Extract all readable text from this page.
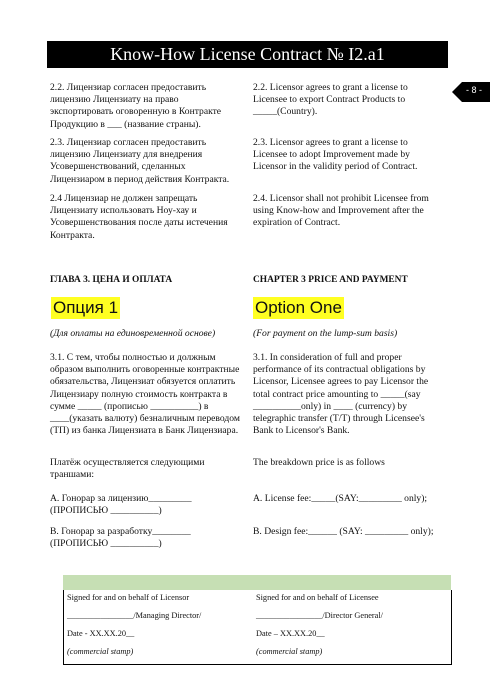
Know-How License Contract № I2.a1
- 8 -

2.2. Лицензиар согласен предоставить лицензию Лицензиату на право экспортировать оговоренную в Контракте Продукцию в ___ (название страны).

2.3. Лицензиар согласен предоставить лицензию Лицензиату для внедрения Усовершенствований, сделанных Лицензиаром в период действия Контракта.

2.4 Лицензиар не должен запрещать Лицензиату использовать Ноу-хау и Усовершенствования после даты истечения Контракта.

ГЛАВА 3. ЦЕНА И ОПЛАТА

Опция 1

(Для оплаты на единовременной основе)

3.1. С тем, чтобы полностью и должным образом выполнить оговоренные контрактные обязательства, Лицензиат обязуется оплатить Лицензиару полную стоимость контракта в сумме _____ (прописью __________) в ____(указать валюту) безналичным переводом (ТП) из банка Лицензиата в Банк Лицензиара.

Платёж осуществляется следующими траншами:

А. Гонорар за лицензию_________

(ПРОПИСЬЮ __________)

В. Гонорар за разработку________

(ПРОПИСЬЮ __________)

2.2. Licensor agrees to grant a license to Licensee to export Contract Products to _____(Country).

2.3. Licensor agrees to grant a license to Licensee to adopt Improvement made by Licensor in the validity period of Contract.

2.4. Licensor shall not prohibit Licensee from using Know-how and Improvement after the expiration of Contract.

CHAPTER 3 PRICE AND PAYMENT

Option One

(For payment on the lump-sum basis)

3.1. In consideration of full and proper performance of its contractual obligations by Licensor, Licensee agrees to pay Licensor the total contract price amounting to _____(say __________only) in ____ (currency) by telegraphic transfer (T/T) through Licensee's Bank to Licensor's Bank.

The breakdown price is as follows

A. License fee:_____(SAY:_________ only);

B. Design fee:______ (SAY: _________ only);

Signed for and on behalf of Licensor
________________/Managing Director/
Date - XX.XX.20__
(commercial stamp)
Signed for and on behalf of Licensee
________________/Director General/
Date – XX.XX.20__
(commercial stamp)
